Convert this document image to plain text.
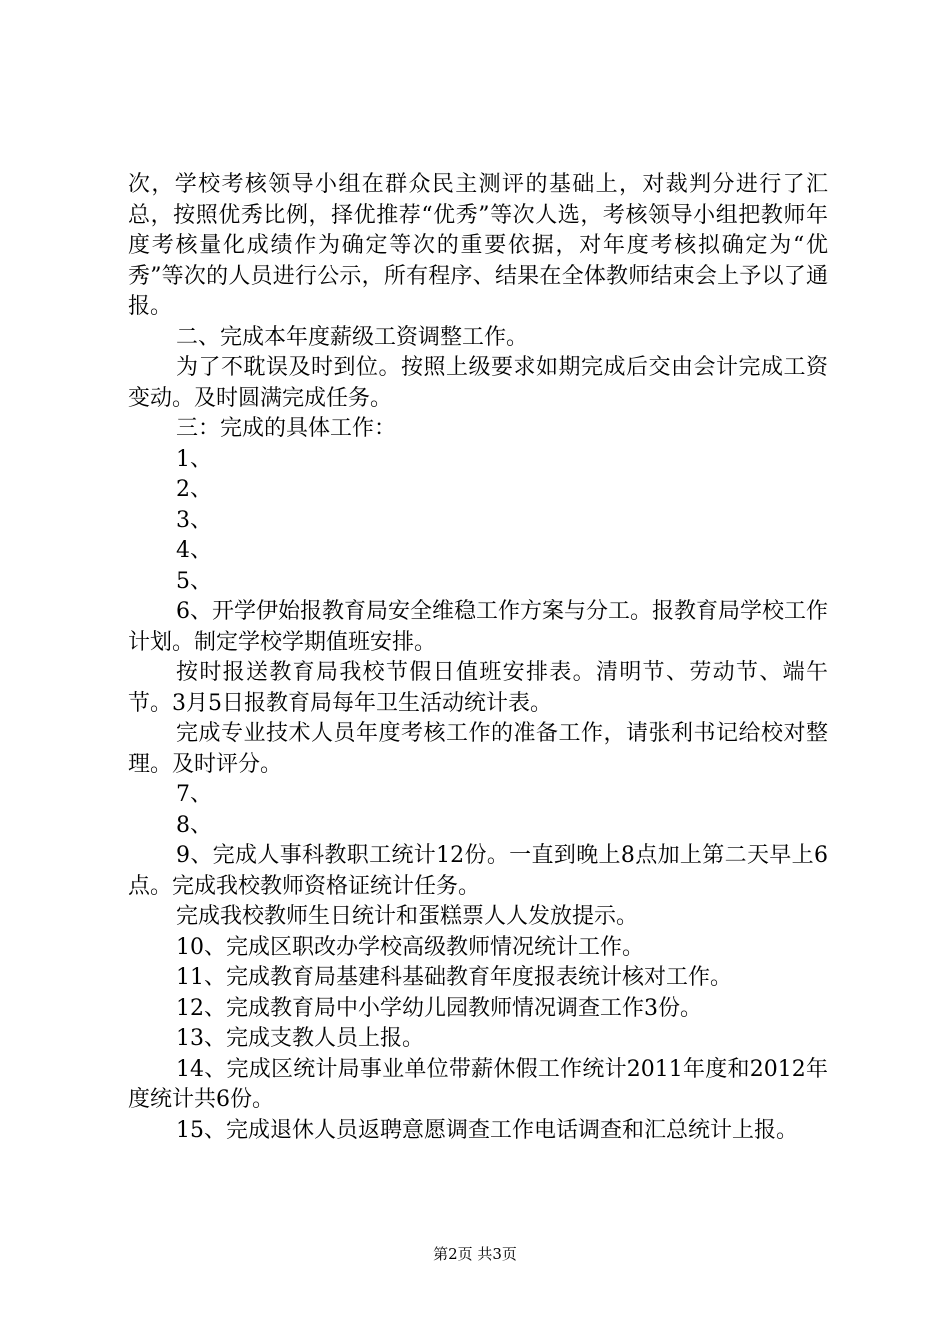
次，学校考核领导小组在群众民主测评的基础上，对裁判分进行了汇总，按照优秀比例，择优推荐“优秀”等次人选，考核领导小组把教师年度考核量化成绩作为确定等次的重要依据，对年度考核拟确定为“优秀”等次的人员进行公示，所有程序、结果在全体教师结束会上予以了通报。

二、完成本年度薪级工资调整工作。

为了不耽误及时到位。按照上级要求如期完成后交由会计完成工资变动。及时圆满完成任务。

三：完成的具体工作：

1、

2、

3、

4、

5、

6、开学伊始报教育局安全维稳工作方案与分工。报教育局学校工作计划。制定学校学期值班安排。

按时报送教育局我校节假日值班安排表。清明节、劳动节、端午节。3月5日报教育局每年卫生活动统计表。

完成专业技术人员年度考核工作的准备工作，请张利书记给校对整理。及时评分。

7、

8、

9、完成人事科教职工统计12份。一直到晚上8点加上第二天早上6点。完成我校教师资格证统计任务。

完成我校教师生日统计和蛋糕票人人发放提示。

10、完成区职改办学校高级教师情况统计工作。

11、完成教育局基建科基础教育年度报表统计核对工作。

12、完成教育局中小学幼儿园教师情况调查工作3份。

13、完成支教人员上报。

14、完成区统计局事业单位带薪休假工作统计2011年度和2012年度统计共6份。

15、完成退休人员返聘意愿调查工作电话调查和汇总统计上报。

第2页 共3页
